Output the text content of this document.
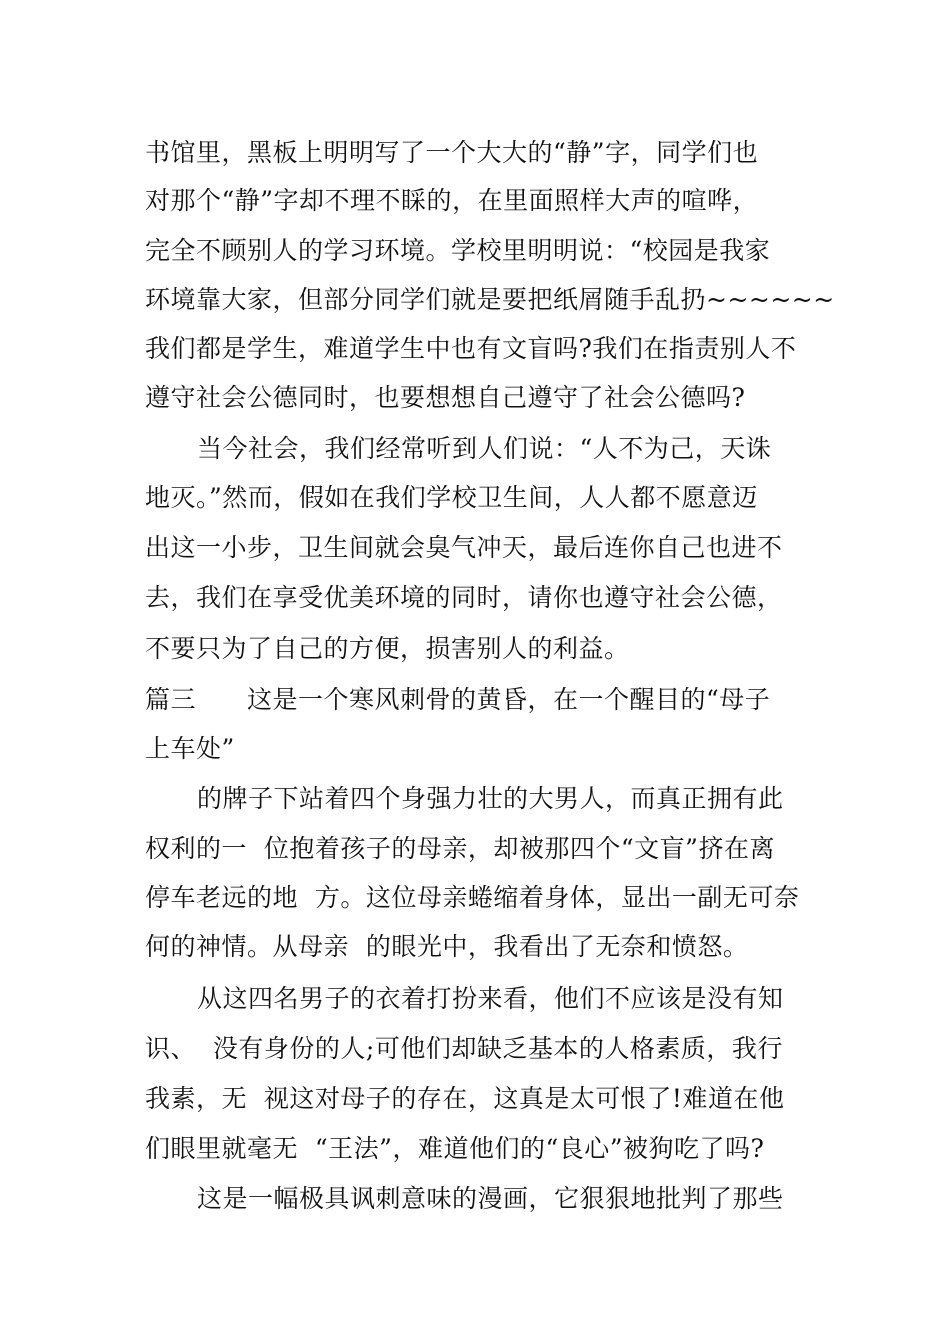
书馆里，黑板上明明写了一个大大的“静”字，同学们也
对那个“静”字却不理不睬的，在里面照样大声的喧哗，
完全不顾别人的学习环境。学校里明明说：“校园是我家
环境靠大家，但部分同学们就是要把纸屑随手乱扔~~~~~~
我们都是学生，难道学生中也有文盲吗?我们在指责别人不
遵守社会公德同时，也要想想自己遵守了社会公德吗?
当今社会，我们经常听到人们说：“人不为己，天诛
地灭。”然而，假如在我们学校卫生间，人人都不愿意迈
出这一小步，卫生间就会臭气冲天，最后连你自己也进不
去，我们在享受优美环境的同时，请你也遵守社会公德，
不要只为了自己的方便，损害别人的利益。
篇三　　这是一个寒风刺骨的黄昏，在一个醒目的“母子
上车处”
的牌子下站着四个身强力壮的大男人，而真正拥有此
权利的一  位抱着孩子的母亲，却被那四个“文盲”挤在离
停车老远的地  方。这位母亲蜷缩着身体，显出一副无可奈
何的神情。从母亲  的眼光中，我看出了无奈和愤怒。
从这四名男子的衣着打扮来看，他们不应该是没有知
识、  没有身份的人;可他们却缺乏基本的人格素质，我行
我素，无  视这对母子的存在，这真是太可恨了!难道在他
们眼里就毫无  “王法”，难道他们的“良心”被狗吃了吗?
这是一幅极具讽刺意味的漫画，它狠狠地批判了那些
